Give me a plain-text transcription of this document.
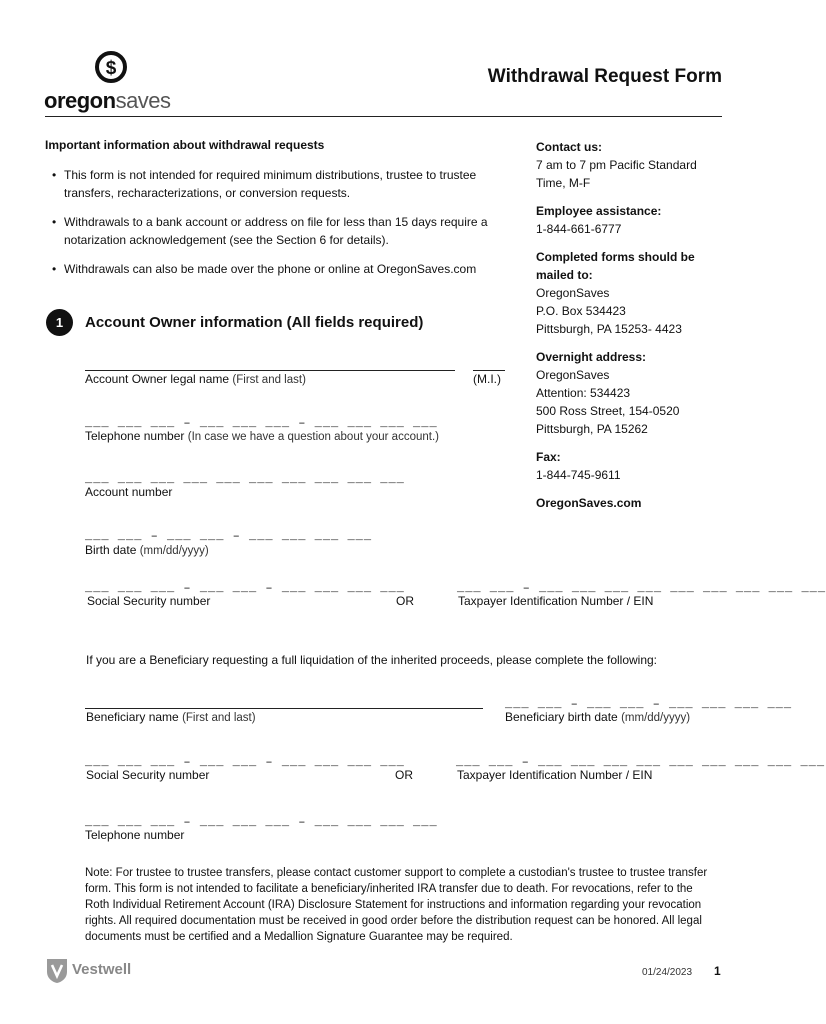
$
oregonsaves
Withdrawal Request Form
Important information about withdrawal requests
• This form is not intended for required minimum distributions, trustee to trustee transfers, recharacterizations, or conversion requests.
• Withdrawals to a bank account or address on file for less than 15 days require a notarization acknowledgement (see the Section 6 for details).
• Withdrawals can also be made over the phone or online at OregonSaves.com
Contact us:
7 am to 7 pm Pacific Standard Time, M-F
Employee assistance:
1-844-661-6777
Completed forms should be mailed to:
OregonSaves
P.O. Box 534423
Pittsburgh, PA 15253- 4423
Overnight address:
OregonSaves
Attention: 534423
500 Ross Street, 154-0520
Pittsburgh, PA 15262
Fax:
1-844-745-9611
OregonSaves.com
1	Account Owner information (All fields required)
Account Owner legal name (First and last)	(M.I.)
___ ___ ___ – ___ ___ ___ – ___ ___ ___ ___
Telephone number (In case we have a question about your account.)
___ ___ ___ ___ ___ ___ ___ ___ ___ ___
Account number
___ ___ – ___ ___ – ___ ___ ___ ___
Birth date (mm/dd/yyyy)
___ ___ ___ – ___ ___ – ___ ___ ___ ___
Social Security number	OR
___ ___ – ___ ___ ___ ___ ___ ___ ___ ___ ___
Taxpayer Identification Number / EIN
If you are a Beneficiary requesting a full liquidation of the inherited proceeds, please complete the following:
Beneficiary name (First and last)
___ ___ – ___ ___ – ___ ___ ___ ___
Beneficiary birth date (mm/dd/yyyy)
___ ___ ___ – ___ ___ – ___ ___ ___ ___
Social Security number	OR
___ ___ – ___ ___ ___ ___ ___ ___ ___ ___ ___
Taxpayer Identification Number / EIN
___ ___ ___ – ___ ___ ___ – ___ ___ ___ ___
Telephone number
Note: For trustee to trustee transfers, please contact customer support to complete a custodian's trustee to trustee transfer form. This form is not intended to facilitate a beneficiary/inherited IRA transfer due to death. For revocations, refer to the Roth Individual Retirement Account (IRA) Disclosure Statement for instructions and information regarding your revocation rights. All required documentation must be received in good order before the distribution request can be honored. All legal documents must be certified and a Medallion Signature Guarantee may be required.
Vestwell	01/24/2023 1
